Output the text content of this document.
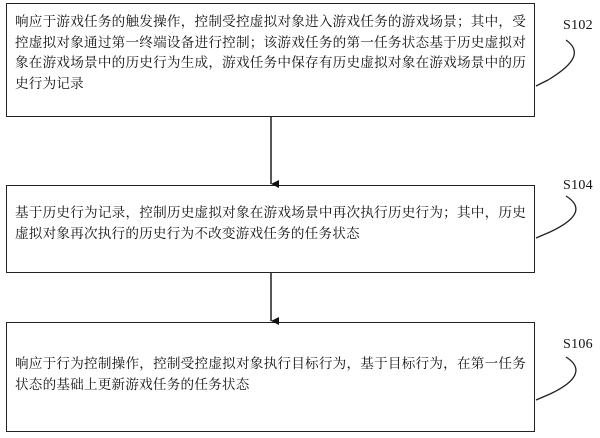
响应于游戏任务的触发操作，控制受控虚拟对象进入游戏任务的游戏场景；其中，受控虚拟对象通过第一终端设备进行控制；该游戏任务的第一任务状态基于历史虚拟对象在游戏场景中的历史行为生成，游戏任务中保存有历史虚拟对象在游戏场景中的历史行为记录
S102
基于历史行为记录，控制历史虚拟对象在游戏场景中再次执行历史行为；其中，历史虚拟对象再次执行的历史行为不改变游戏任务的任务状态
S104
响应于行为控制操作，控制受控虚拟对象执行目标行为，基于目标行为，在第一任务状态的基础上更新游戏任务的任务状态
S106
